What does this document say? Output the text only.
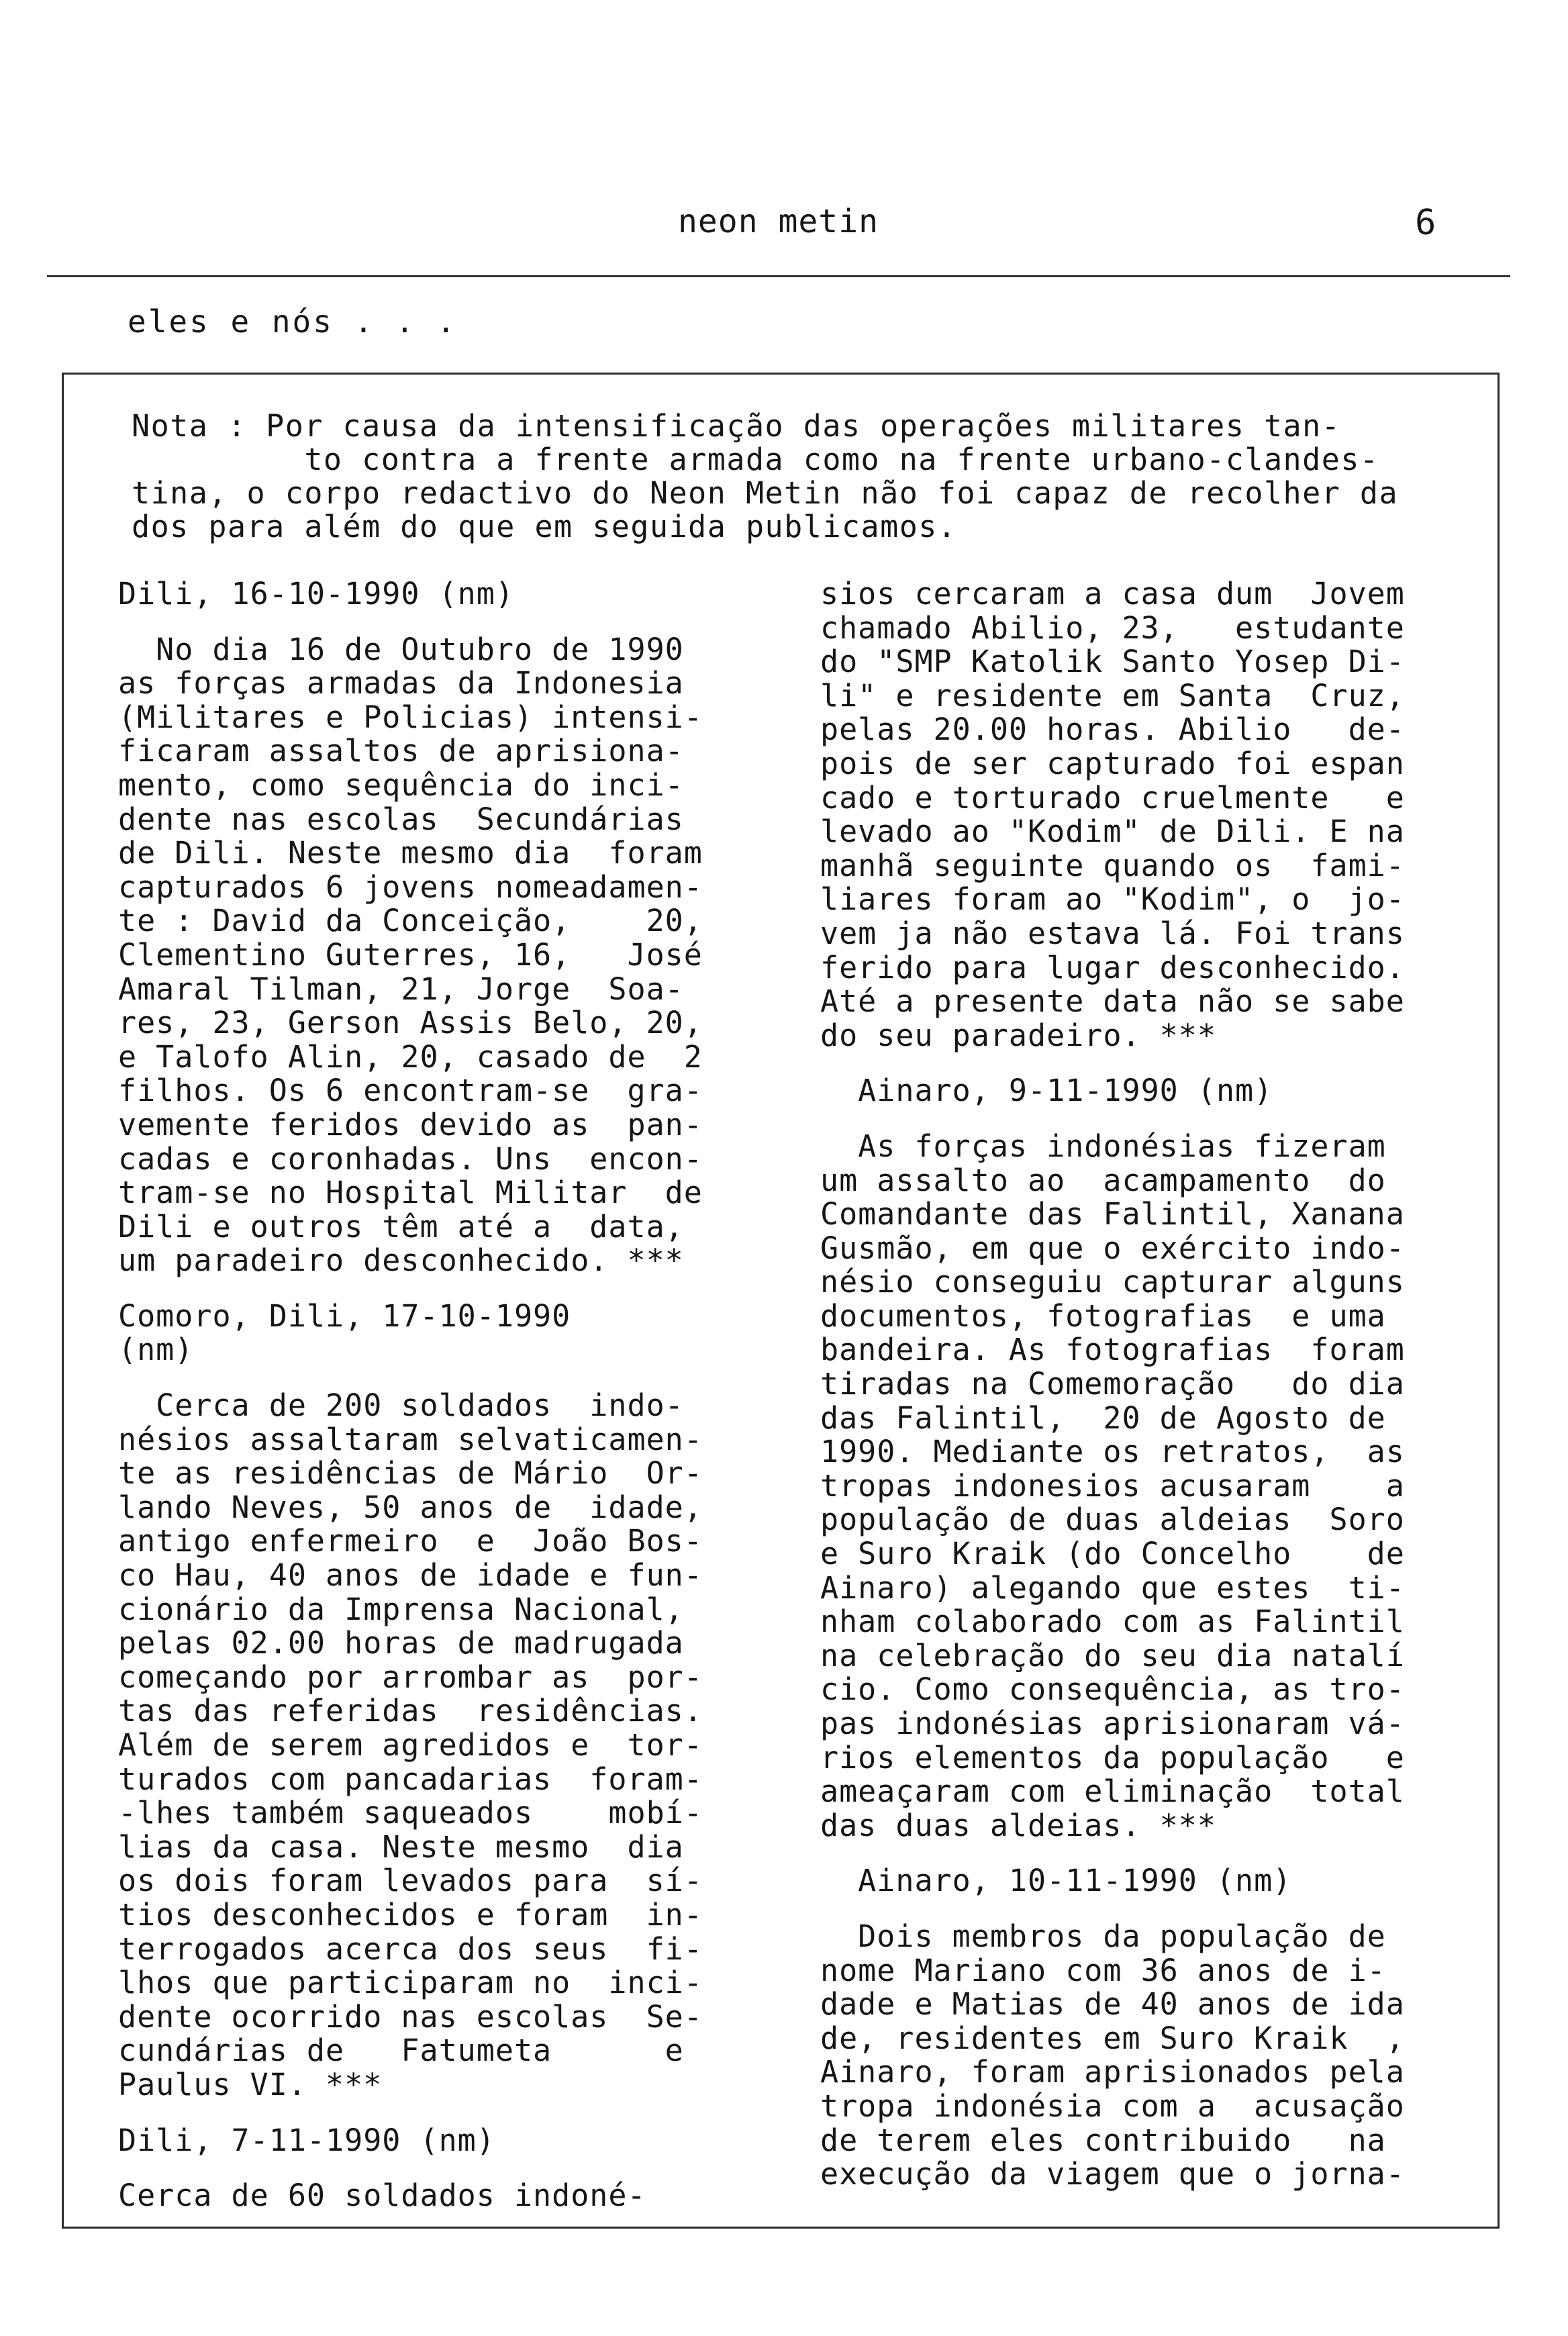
neon metin	6
eles e nós . . .

Nota : Por causa da intensificação das operações militares tan-

to contra a frente armada como na frente urbano-clandes-

tina, o corpo redactivo do Neon Metin não foi capaz de recolher da

dos para além do que em seguida publicamos.

Dili, 16-10-1990 (nm)
No dia 16 de Outubro de 1990
as forças armadas da Indonesia
(Militares e Policias) intensi-
ficaram assaltos de aprisiona-
mento, como sequência do inci-
dente nas escolas  Secundárias
de Dili. Neste mesmo dia  foram
capturados 6 jovens nomeadamen-
te : David da Conceição,    20,
Clementino Guterres, 16,   José
Amaral Tilman, 21, Jorge  Soa-
res, 23, Gerson Assis Belo, 20,
e Talofo Alin, 20, casado de  2
filhos. Os 6 encontram-se  gra-
vemente feridos devido as  pan-
cadas e coronhadas. Uns  encon-
tram-se no Hospital Militar  de
Dili e outros têm até a  data,
um paradeiro desconhecido. ***
Comoro, Dili, 17-10-1990
(nm)
Cerca de 200 soldados  indo-
nésios assaltaram selvaticamen-
te as residências de Mário  Or-
lando Neves, 50 anos de  idade,
antigo enfermeiro  e  João Bos-
co Hau, 40 anos de idade e fun-
cionário da Imprensa Nacional,
pelas 02.00 horas de madrugada
começando por arrombar as  por-
tas das referidas  residências.
Além de serem agredidos e  tor-
turados com pancadarias  foram-
-lhes também saqueados    mobí-
lias da casa. Neste mesmo  dia
os dois foram levados para  sí-
tios desconhecidos e foram  in-
terrogados acerca dos seus  fi-
lhos que participaram no  inci-
dente ocorrido nas escolas  Se-
cundárias de   Fatumeta      e
Paulus VI. ***
Dili, 7-11-1990 (nm)
Cerca de 60 soldados indoné-
sios cercaram a casa dum  Jovem
chamado Abilio, 23,   estudante
do "SMP Katolik Santo Yosep Di-
li" e residente em Santa  Cruz,
pelas 20.00 horas. Abilio   de-
pois de ser capturado foi espan
cado e torturado cruelmente   e
levado ao "Kodim" de Dili. E na
manhã seguinte quando os  fami-
liares foram ao "Kodim", o  jo-
vem ja não estava lá. Foi trans
ferido para lugar desconhecido.
Até a presente data não se sabe
do seu paradeiro. ***
Ainaro, 9-11-1990 (nm)
As forças indonésias fizeram
um assalto ao  acampamento  do
Comandante das Falintil, Xanana
Gusmão, em que o exército indo-
nésio conseguiu capturar alguns
documentos, fotografias  e uma
bandeira. As fotografias  foram
tiradas na Comemoração   do dia
das Falintil,  20 de Agosto de
1990. Mediante os retratos,  as
tropas indonesios acusaram    a
população de duas aldeias  Soro
e Suro Kraik (do Concelho    de
Ainaro) alegando que estes  ti-
nham colaborado com as Falintil
na celebração do seu dia natalí
cio. Como consequência, as tro-
pas indonésias aprisionaram vá-
rios elementos da população   e
ameaçaram com eliminação  total
das duas aldeias. ***
Ainaro, 10-11-1990 (nm)
Dois membros da população de
nome Mariano com 36 anos de i-
dade e Matias de 40 anos de ida
de, residentes em Suro Kraik  ,
Ainaro, foram aprisionados pela
tropa indonésia com a  acusação
de terem eles contribuido   na
execução da viagem que o jorna-
